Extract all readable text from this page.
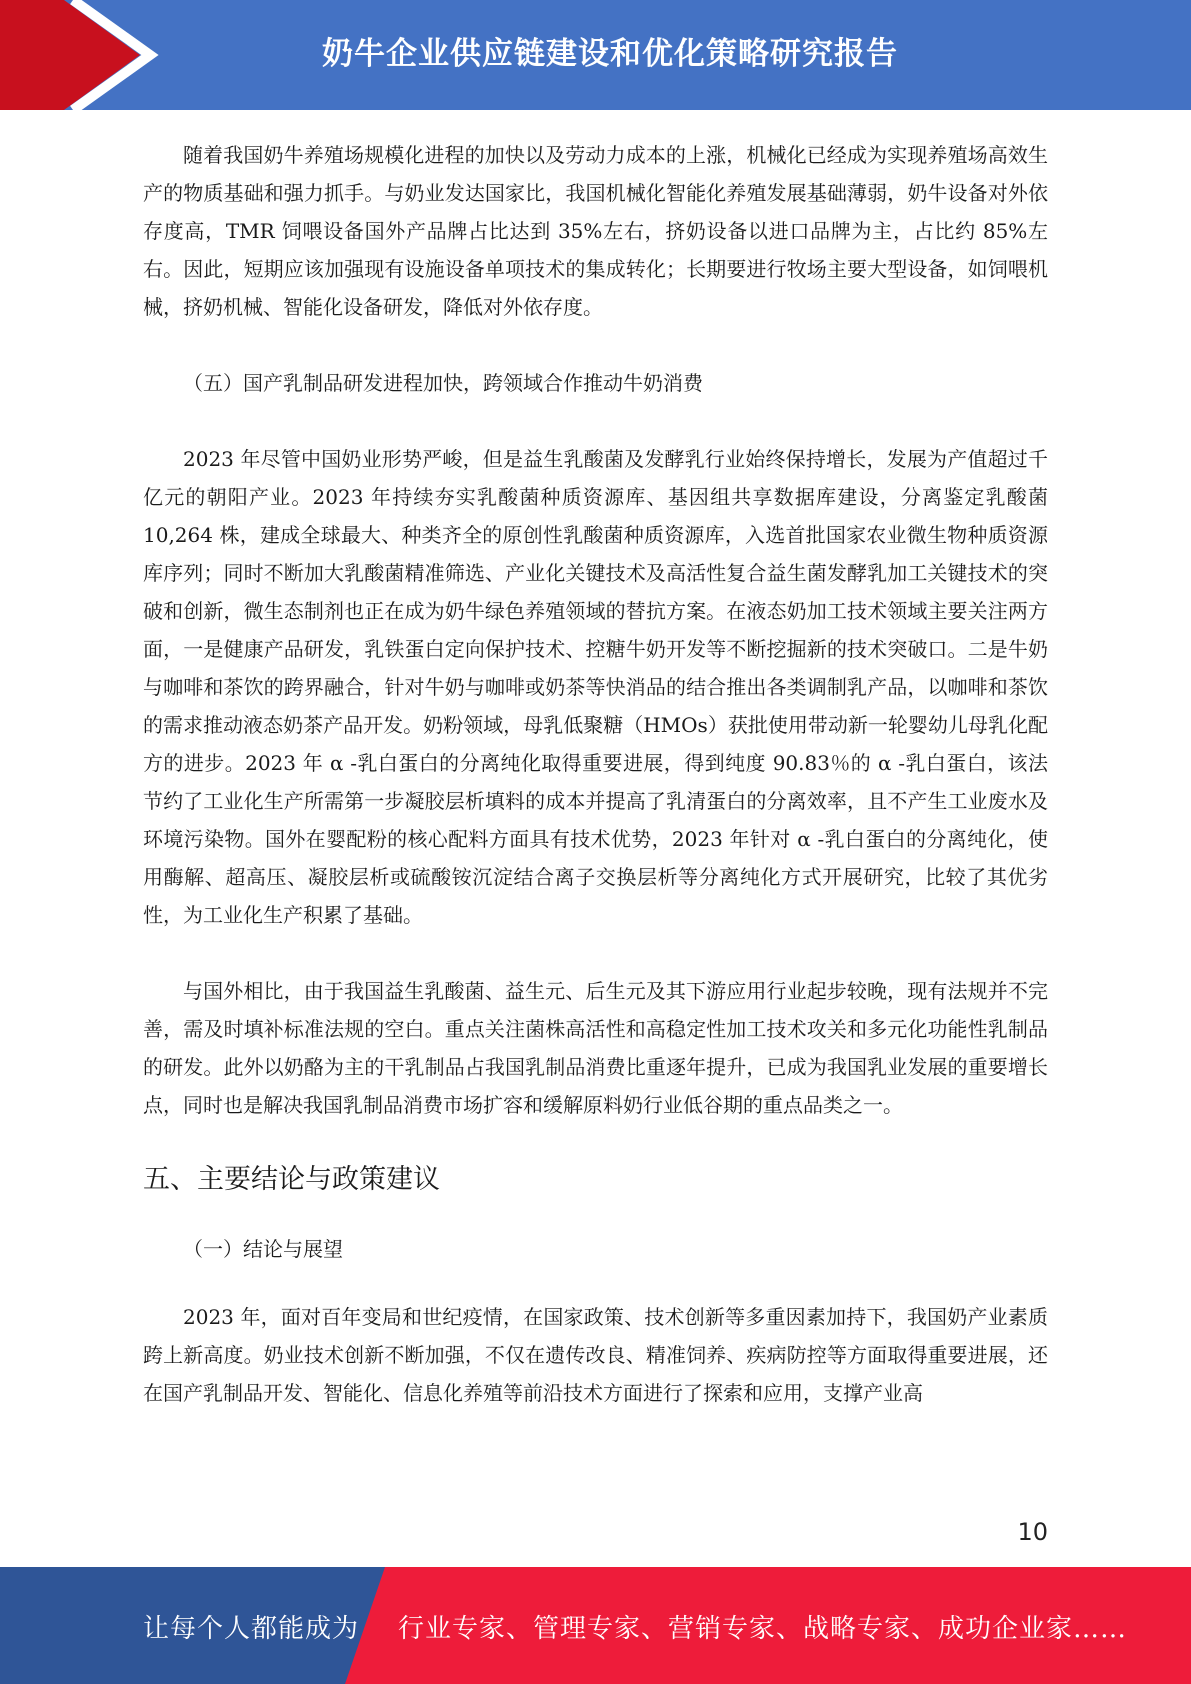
奶牛企业供应链建设和优化策略研究报告

随着我国奶牛养殖场规模化进程的加快以及劳动力成本的上涨，机械化已经成为实现养殖场高效生产的物质基础和强力抓手。与奶业发达国家比，我国机械化智能化养殖发展基础薄弱，奶牛设备对外依存度高，TMR 饲喂设备国外产品牌占比达到 35%左右，挤奶设备以进口品牌为主，占比约 85%左右。因此，短期应该加强现有设施设备单项技术的集成转化；长期要进行牧场主要大型设备，如饲喂机械，挤奶机械、智能化设备研发，降低对外依存度。

（五）国产乳制品研发进程加快，跨领域合作推动牛奶消费

2023 年尽管中国奶业形势严峻，但是益生乳酸菌及发酵乳行业始终保持增长，发展为产值超过千亿元的朝阳产业。2023 年持续夯实乳酸菌种质资源库、基因组共享数据库建设，分离鉴定乳酸菌 10,264 株，建成全球最大、种类齐全的原创性乳酸菌种质资源库，入选首批国家农业微生物种质资源库序列；同时不断加大乳酸菌精准筛选、产业化关键技术及高活性复合益生菌发酵乳加工关键技术的突破和创新，微生态制剂也正在成为奶牛绿色养殖领域的替抗方案。在液态奶加工技术领域主要关注两方面，一是健康产品研发，乳铁蛋白定向保护技术、控糖牛奶开发等不断挖掘新的技术突破口。二是牛奶与咖啡和茶饮的跨界融合，针对牛奶与咖啡或奶茶等快消品的结合推出各类调制乳产品，以咖啡和茶饮的需求推动液态奶茶产品开发。奶粉领域，母乳低聚糖（HMOs）获批使用带动新一轮婴幼儿母乳化配方的进步。2023 年 α -乳白蛋白的分离纯化取得重要进展，得到纯度 90.83％的 α -乳白蛋白，该法节约了工业化生产所需第一步凝胶层析填料的成本并提高了乳清蛋白的分离效率，且不产生工业废水及环境污染物。国外在婴配粉的核心配料方面具有技术优势，2023 年针对 α -乳白蛋白的分离纯化，使用酶解、超高压、凝胶层析或硫酸铵沉淀结合离子交换层析等分离纯化方式开展研究，比较了其优劣性，为工业化生产积累了基础。

与国外相比，由于我国益生乳酸菌、益生元、后生元及其下游应用行业起步较晚，现有法规并不完善，需及时填补标准法规的空白。重点关注菌株高活性和高稳定性加工技术攻关和多元化功能性乳制品的研发。此外以奶酪为主的干乳制品占我国乳制品消费比重逐年提升，已成为我国乳业发展的重要增长点，同时也是解决我国乳制品消费市场扩容和缓解原料奶行业低谷期的重点品类之一。

五、主要结论与政策建议

（一）结论与展望

2023 年，面对百年变局和世纪疫情，在国家政策、技术创新等多重因素加持下，我国奶产业素质跨上新高度。奶业技术创新不断加强，不仅在遗传改良、精准饲养、疾病防控等方面取得重要进展，还在国产乳制品开发、智能化、信息化养殖等前沿技术方面进行了探索和应用，支撑产业高

10
让每个人都能成为 行业专家、管理专家、营销专家、战略专家、成功企业家……
